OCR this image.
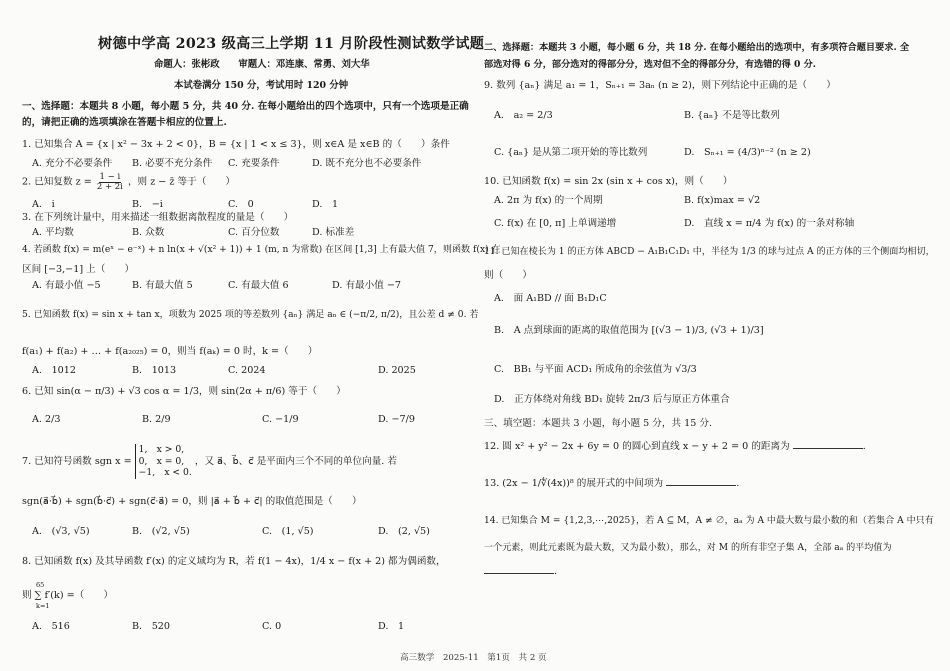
树德中学高 2023 级高三上学期 11 月阶段性测试数学试题
命题人：张彬政　　审题人：邓连康、常勇、刘大华
本试卷满分 150 分，考试用时 120 分钟
一、选择题：本题共 8 小题，每小题 5 分，共 40 分. 在每小题给出的四个选项中，只有一个选项是正确
的，请把正确的选项填涂在答题卡相应的位置上.
1. 已知集合 A = {x | x² − 3x + 2 < 0}，B = {x | 1 < x ≤ 3}，则 x∈A 是 x∈B 的（　　）条件
A. 充分不必要条件 B. 必要不充分条件 C. 充要条件	D. 既不充分也不必要条件
2. 已知复数 $z = \frac{1 - i}{2 + 2i}$ ，则 z − z̄ 等于（　　）
A.　i	B.　−i	C.　0	D.　1
3. 在下列统计量中，用来描述一组数据离散程度的量是（　　）
A. 平均数	B. 众数	C. 百分位数	D. 标准差
4. 若函数 f(x) = m(eˣ − e⁻ˣ) + n ln(x + √(x² + 1)) + 1 (m, n 为常数) 在区间 [1,3] 上有最大值 7，则函数 f(x) 在
区间 [−3,−1] 上（　　）
A. 有最小值 −5	B. 有最大值 5	C. 有最大值 6	D. 有最小值 −7
5. 已知函数 f(x) = sin x + tan x，项数为 2025 项的等差数列 {aₙ} 满足 aₙ ∈ (−π/2, π/2)，且公差 d ≠ 0. 若
f(a₁) + f(a₂) + … + f(a₂₀₂₅) = 0，则当 f(aₖ) = 0 时，k =（　　）
A.　1012	B.　1013	C. 2024	D. 2025
6. 已知 sin(α − π/3) + √3 cos α = 1/3，则 sin(2α + π/6) 等于（　　）
A. 2/3	B. 2/9	C. −1/9	D. −7/9
7. 已知符号函数 sgn x =
1,　x > 0,
0,　x = 0,
−1,　x < 0.
，又 a⃗、b⃗、c⃗ 是平面内三个不同的单位向量. 若
sgn(a⃗·b⃗) + sgn(b⃗·c⃗) + sgn(c⃗·a⃗) = 0，则 |a⃗ + b⃗ + c⃗| 的取值范围是（　　）
A.　(√3, √5)	B.　(√2, √5)	C.　(1, √5)	D.　(2, √5)
8. 已知函数 f(x) 及其导函数 f′(x) 的定义域均为 R，若 f(1 − 4x)，1/4 x − f(x + 2) 都为偶函数，
则 ∑ f′(k) =（　　）
65
k=1
A.　516	B.　520	C. 0	D.　1
二、选择题：本题共 3 小题，每小题 6 分，共 18 分. 在每小题给出的选项中，有多项符合题目要求. 全
部选对得 6 分，部分选对的得部分分，选对但不全的得部分分，有选错的得 0 分.
9. 数列 {aₙ} 满足 a₁ = 1，Sₙ₊₁ = 3aₙ (n ≥ 2)，则下列结论中正确的是（　　）
A.　a₂ = 2/3	B. {aₙ} 不是等比数列
C. {aₙ} 是从第二项开始的等比数列	D.　Sₙ₊₁ = (4/3)ⁿ⁻² (n ≥ 2)
10. 已知函数 f(x) = sin 2x (sin x + cos x)，则（　　）
A. 2π 为 f(x) 的一个周期	B. f(x)max = √2
C. f(x) 在 [0, π] 上单调递增	D.　直线 x = π/4 为 f(x) 的一条对称轴
11. 已知在棱长为 1 的正方体 ABCD − A₁B₁C₁D₁ 中，半径为 1/3 的球与过点 A 的正方体的三个侧面均相切，
则（　　）
A.　面 A₁BD // 面 B₁D₁C
B.　A 点到球面的距离的取值范围为 [(√3 − 1)/3, (√3 + 1)/3]
C.　BB₁ 与平面 ACD₁ 所成角的余弦值为 √3/3
D.　正方体绕对角线 BD₁ 旋转 2π/3 后与原正方体重合
三、填空题：本题共 3 小题，每小题 5 分，共 15 分.
12. 圆 x² + y² − 2x + 6y = 0 的圆心到直线 x − y + 2 = 0 的距离为	.
13. (2x − 1/∜(4x))⁸ 的展开式的中间项为	.
14. 已知集合 M = {1,2,3,⋯,2025}，若 A ⊆ M，A ≠ ∅，aₐ 为 A 中最大数与最小数的和（若集合 A 中只有
一个元素，则此元素既为最大数，又为最小数），那么，对 M 的所有非空子集 A，全部 aₐ 的平均值为
.
高三数学　2025-11　第1页　共 2 页
